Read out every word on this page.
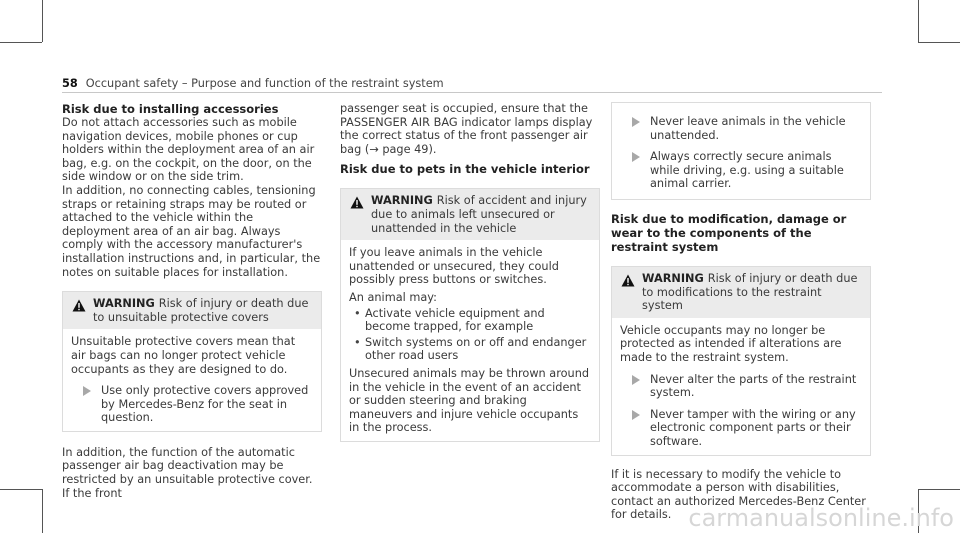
58 Occupant safety – Purpose and function of the restraint system
Risk due to installing accessories

Do not attach accessories such as mobile navigation devices, mobile phones or cup holders within the deployment area of an air bag, e.g. on the cockpit, on the door, on the side window or on the side trim.

In addition, no connecting cables, tensioning straps or retaining straps may be routed or attached to the vehicle within the deployment area of an air bag. Always comply with the accessory manufacturer's installation instructions and, in particular, the notes on suitable places for installation.

WARNING Risk of injury or death due to unsuitable protective covers

Unsuitable protective covers mean that air bags can no longer protect vehicle occupants as they are designed to do.

Use only protective covers approved by Mercedes-Benz for the seat in question.

In addition, the function of the automatic passenger air bag deactivation may be restricted by an unsuitable protective cover. If the front

passenger seat is occupied, ensure that the PASSENGER AIR BAG indicator lamps display the correct status of the front passenger air bag (→ page 49).

Risk due to pets in the vehicle interior
WARNING Risk of accident and injury due to animals left unsecured or unattended in the vehicle

If you leave animals in the vehicle unattended or unsecured, they could possibly press buttons or switches.

An animal may:

• Activate vehicle equipment and become trapped, for example
• Switch systems on or off and endanger other road users

Unsecured animals may be thrown around in the vehicle in the event of an accident or sudden steering and braking maneuvers and injure vehicle occupants in the process.

Never leave animals in the vehicle unattended.
Always correctly secure animals while driving, e.g. using a suitable animal carrier.
Risk due to modification, damage or wear to the components of the restraint system
WARNING Risk of injury or death due to modifications to the restraint system

Vehicle occupants may no longer be protected as intended if alterations are made to the restraint system.

Never alter the parts of the restraint system.
Never tamper with the wiring or any electronic component parts or their software.

If it is necessary to modify the vehicle to accommodate a person with disabilities, contact an authorized Mercedes-Benz Center for details. carmanualsonline.info
